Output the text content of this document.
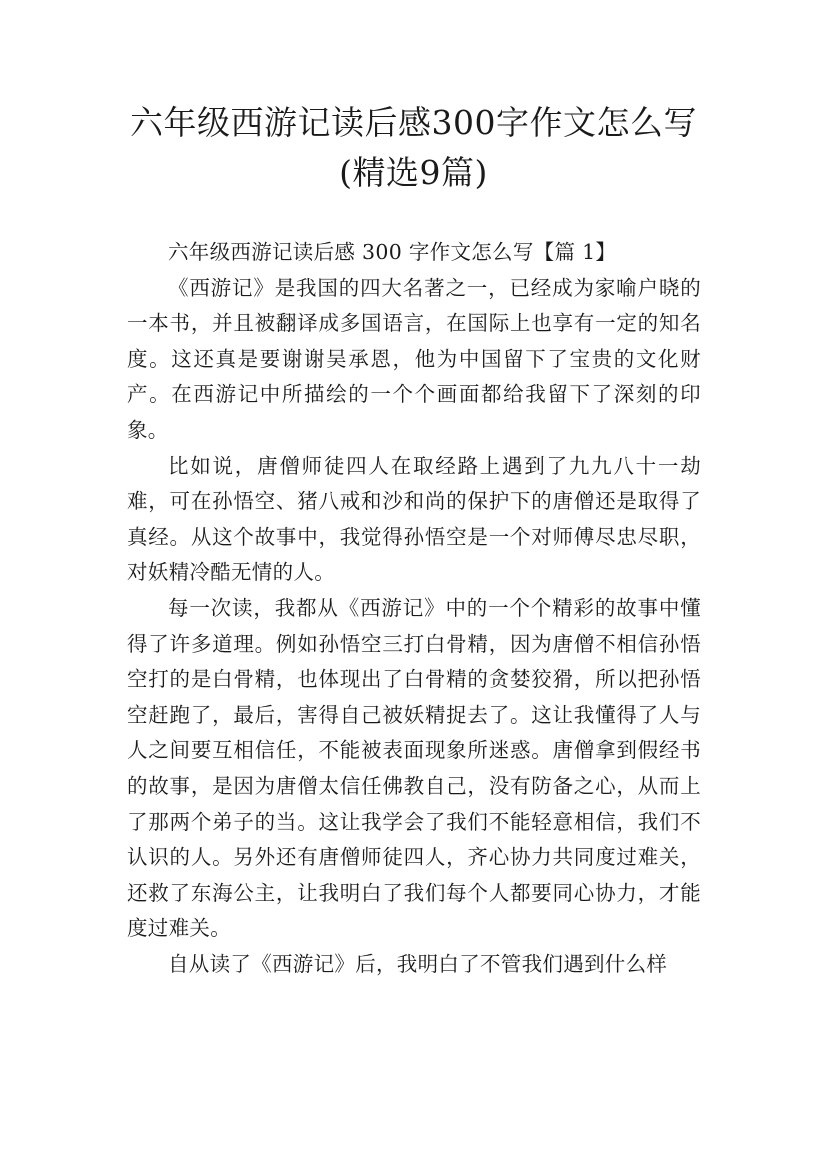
六年级西游记读后感300字作文怎么写(精选9篇)

六年级西游记读后感 300 字作文怎么写【篇 1】

《西游记》是我国的四大名著之一，已经成为家喻户晓的一本书，并且被翻译成多国语言，在国际上也享有一定的知名度。这还真是要谢谢吴承恩，他为中国留下了宝贵的文化财产。在西游记中所描绘的一个个画面都给我留下了深刻的印象。

比如说，唐僧师徒四人在取经路上遇到了九九八十一劫难，可在孙悟空、猪八戒和沙和尚的保护下的唐僧还是取得了真经。从这个故事中，我觉得孙悟空是一个对师傅尽忠尽职，对妖精冷酷无情的人。

每一次读，我都从《西游记》中的一个个精彩的故事中懂得了许多道理。例如孙悟空三打白骨精，因为唐僧不相信孙悟空打的是白骨精，也体现出了白骨精的贪婪狡猾，所以把孙悟空赶跑了，最后，害得自己被妖精捉去了。这让我懂得了人与人之间要互相信任，不能被表面现象所迷惑。唐僧拿到假经书的故事，是因为唐僧太信任佛教自己，没有防备之心，从而上了那两个弟子的当。这让我学会了我们不能轻意相信，我们不认识的人。另外还有唐僧师徒四人，齐心协力共同度过难关，还救了东海公主，让我明白了我们每个人都要同心协力，才能度过难关。

自从读了《西游记》后，我明白了不管我们遇到什么样
